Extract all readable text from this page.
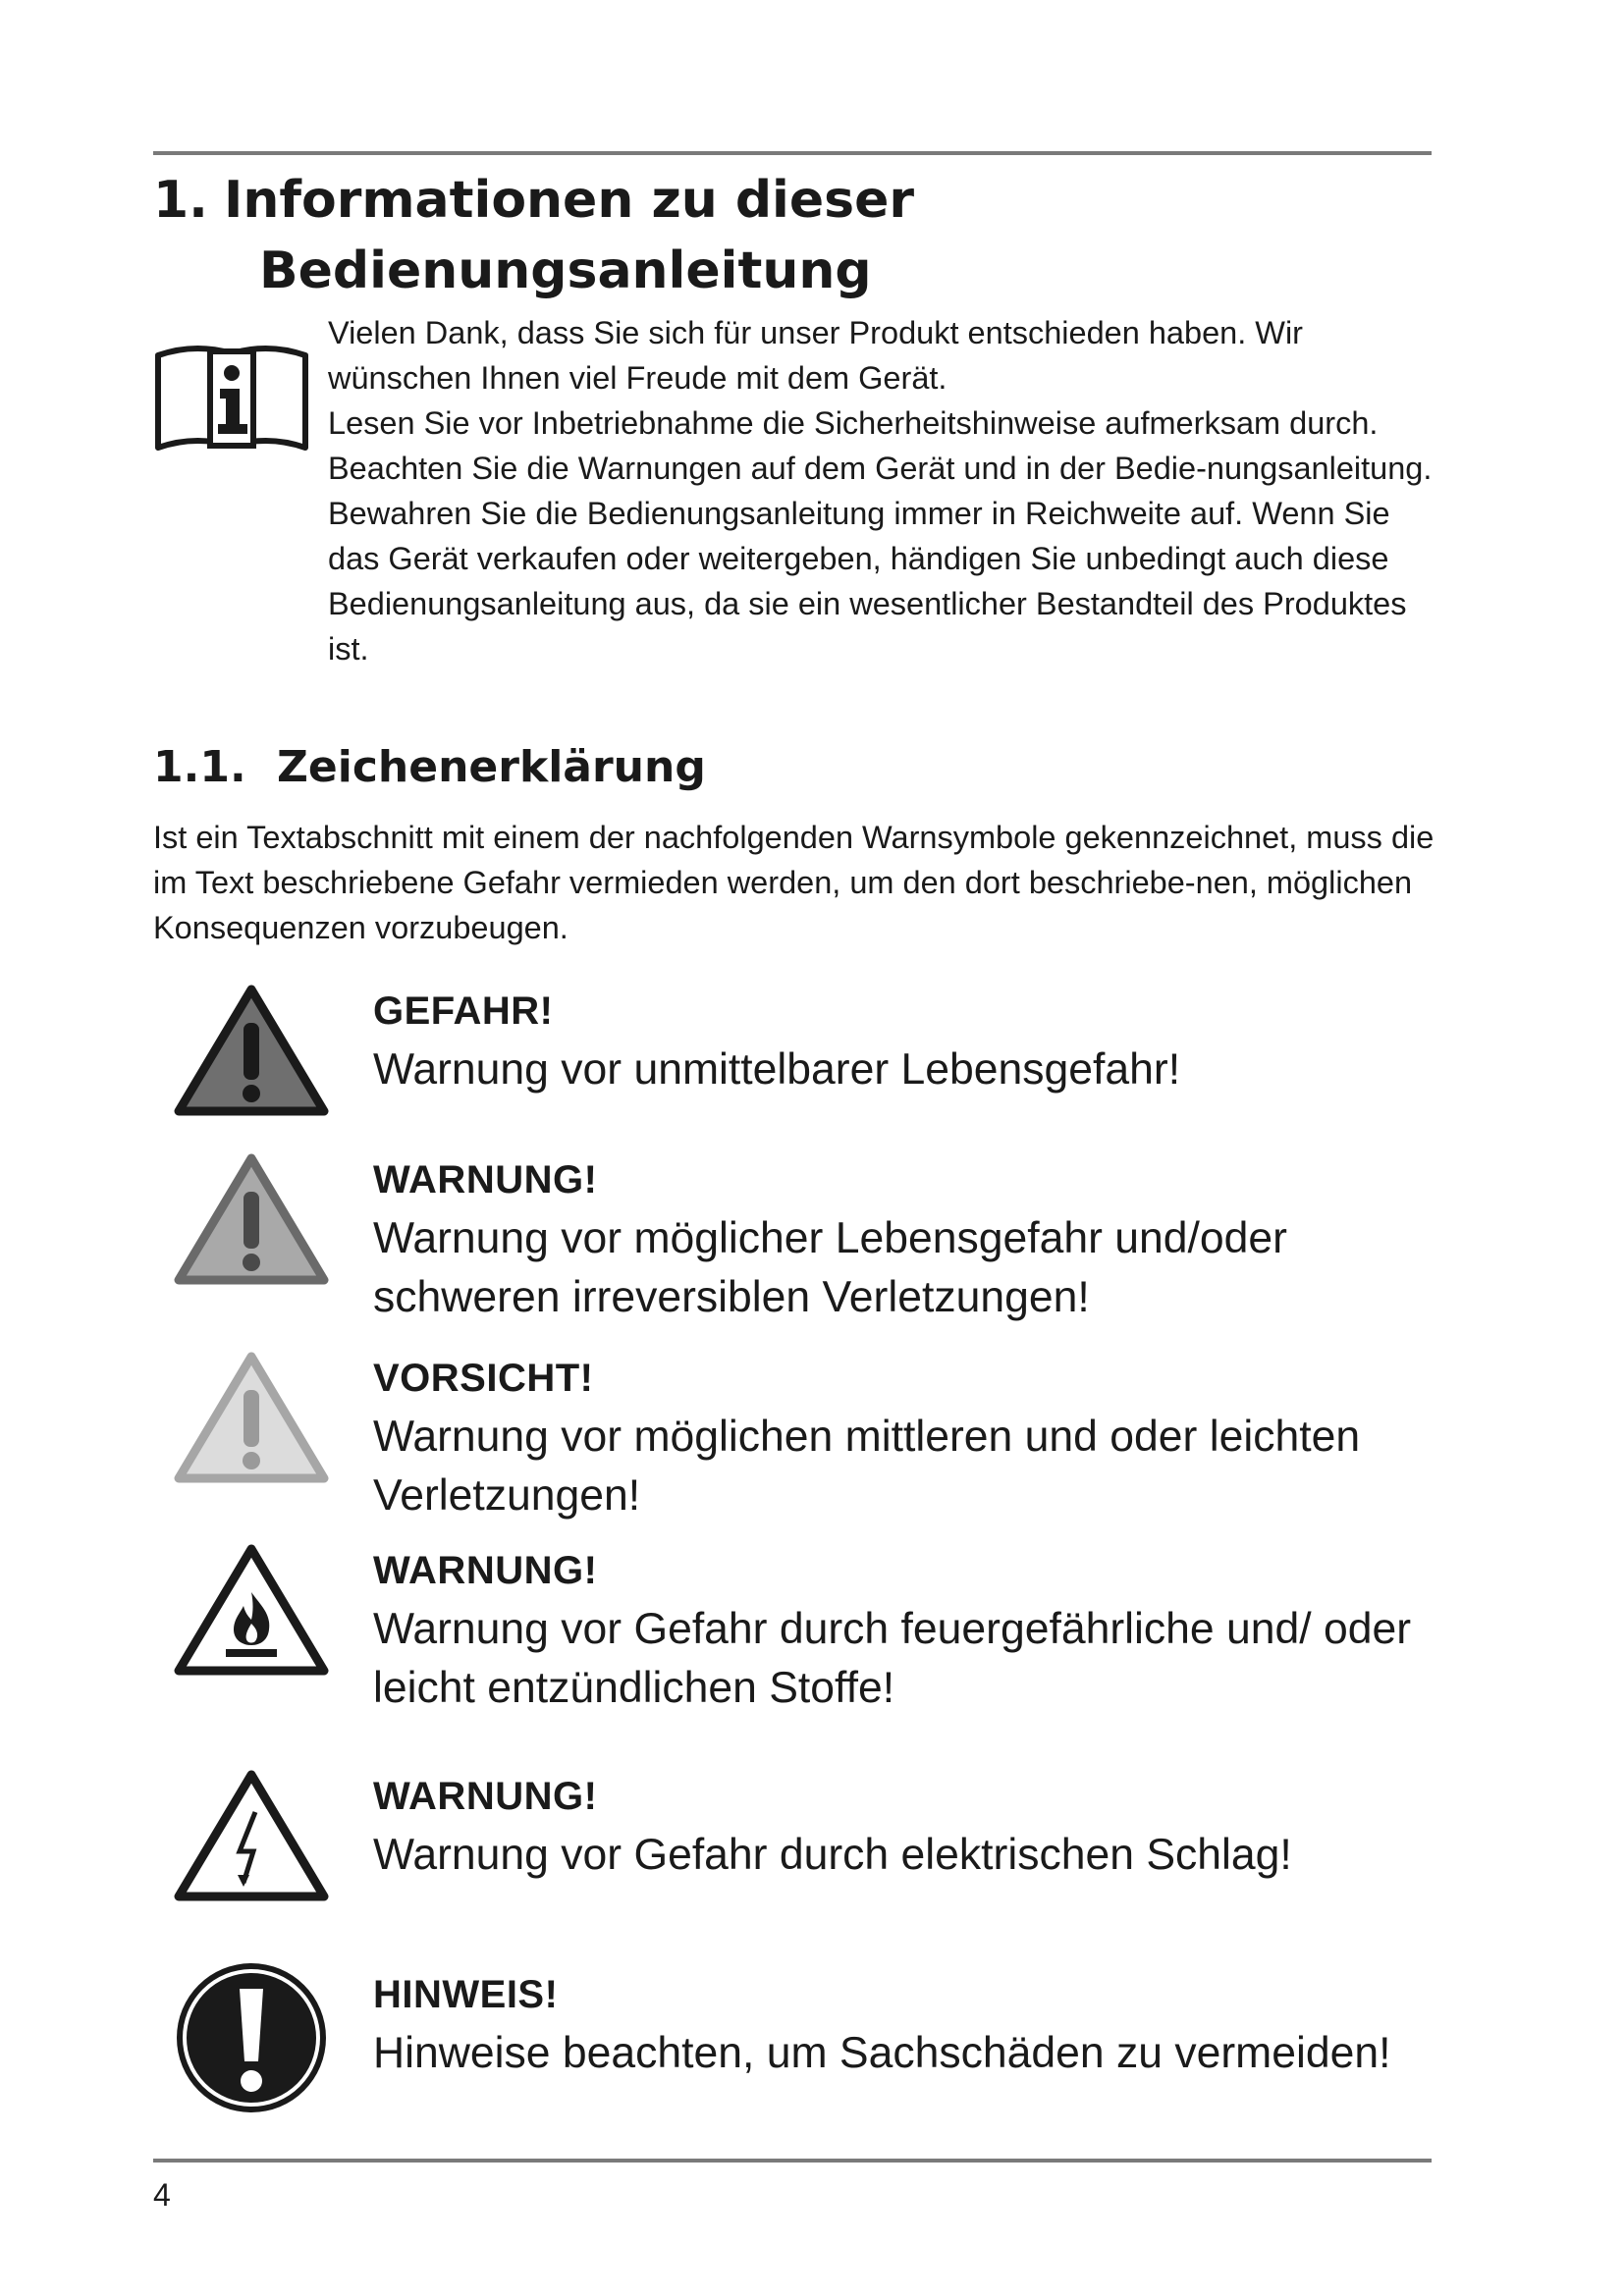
1. Informationen zu dieser
Bedienungsanleitung

Vielen Dank, dass Sie sich für unser Produkt entschieden haben. Wir wünschen Ihnen viel Freude mit dem Gerät.

Lesen Sie vor Inbetriebnahme die Sicherheitshinweise aufmerksam durch. Beachten Sie die Warnungen auf dem Gerät und in der Bedie-nungsanleitung.

Bewahren Sie die Bedienungsanleitung immer in Reichweite auf. Wenn Sie das Gerät verkaufen oder weitergeben, händigen Sie unbedingt auch diese Bedienungsanleitung aus, da sie ein wesentlicher Bestandteil des Produktes ist.

1.1. Zeichenerklärung

Ist ein Textabschnitt mit einem der nachfolgenden Warnsymbole gekennzeichnet, muss die im Text beschriebene Gefahr vermieden werden, um den dort beschriebe-nen, möglichen Konsequenzen vorzubeugen.

GEFAHR!
Warnung vor unmittelbarer Lebensgefahr!
WARNUNG!
Warnung vor möglicher Lebensgefahr und/oder schweren irreversiblen Verletzungen!
VORSICHT!
Warnung vor möglichen mittleren und oder leichten Verletzungen!
WARNUNG!
Warnung vor Gefahr durch feuergefährliche und/ oder leicht entzündlichen Stoffe!
WARNUNG!
Warnung vor Gefahr durch elektrischen Schlag!
HINWEIS!
Hinweise beachten, um Sachschäden zu vermeiden!
4
